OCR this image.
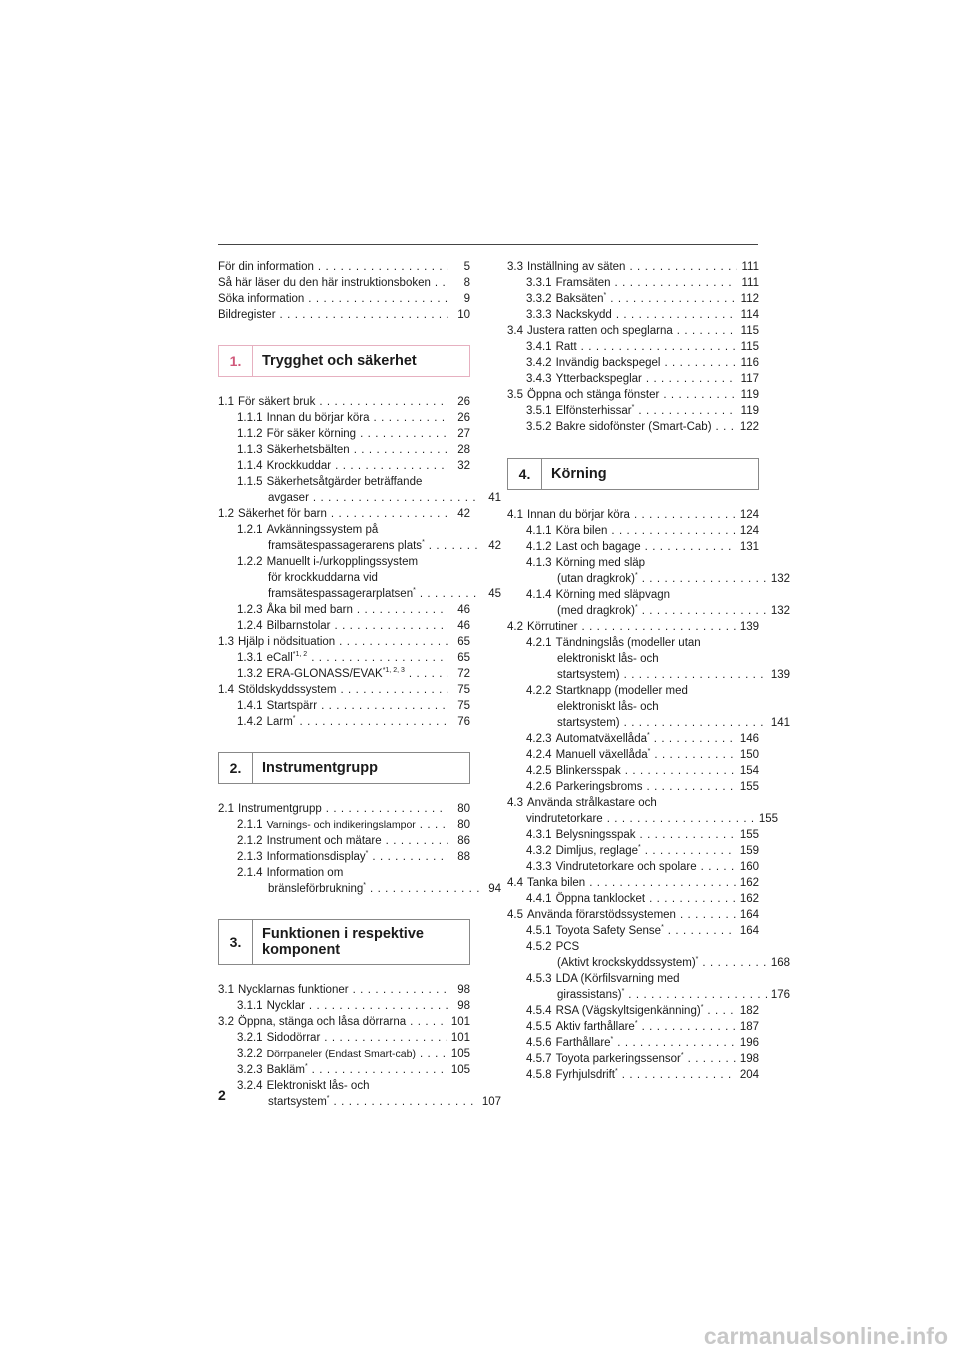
För din information . . .	5
Så här läser du den här instruktionsboken . . .	8
Söka information . . .	9
Bildregister . . .	10
1.	Trygghet och säkerhet
1.1 För säkert bruk . . .	26
1.1.1 Innan du börjar köra . . .	26
1.1.2 För säker körning . . .	27
1.1.3 Säkerhetsbälten . . .	28
1.1.4 Krockkuddar . . .	32
1.1.5 Säkerhetsåtgärder beträffande
avgaser . . .	41
1.2 Säkerhet för barn . . .	42
1.2.1 Avkänningssystem på
framsätespassagerarens plats* . . .	42
1.2.2 Manuellt i-/urkopplingssystem
för krockkuddarna vid
framsätespassagerarplatsen* . . .	45
1.2.3 Åka bil med barn . . .	46
1.2.4 Bilbarnstolar . . .	46
1.3 Hjälp i nödsituation . . .	65
1.3.1 eCall$^{*1, 2}$ . . .	65
1.3.2 ERA-GLONASS/EVAK$^{*1, 2, 3}$ . . .	72
1.4 Stöldskyddssystem . . .	75
1.4.1 Startspärr . . .	75
1.4.2 Larm* . . .	76
2.	Instrumentgrupp
2.1 Instrumentgrupp . . .	80
2.1.1 Varnings- och indikeringslampor . . .	80
2.1.2 Instrument och mätare . . .	86
2.1.3 Informationsdisplay* . . .	88
2.1.4 Information om
bränsleförbrukning* . . .	94
3.	Funktionen i respektive
komponent
3.1 Nycklarnas funktioner . . .	98
3.1.1 Nycklar . . .	98
3.2 Öppna, stänga och låsa dörrarna . . .	101
3.2.1 Sidodörrar . . .	101
3.2.2 Dörrpaneler (Endast Smart-cab) . . .	105
3.2.3 Bakläm* . . .	105
3.2.4 Elektroniskt lås- och
startsystem* . . .	107
3.3 Inställning av säten . . .	111
3.3.1 Framsäten . . .	111
3.3.2 Baksäten* . . .	112
3.3.3 Nackskydd . . .	114
3.4 Justera ratten och speglarna . . .	115
3.4.1 Ratt . . .	115
3.4.2 Invändig backspegel . . .	116
3.4.3 Ytterbackspeglar . . .	117
3.5 Öppna och stänga fönster . . .	119
3.5.1 Elfönsterhissar* . . .	119
3.5.2 Bakre sidofönster (Smart-Cab) . . . 122
4.	Körning
4.1 Innan du börjar köra . . .	124
4.1.1 Köra bilen . . .	124
4.1.2 Last och bagage . . .	131
4.1.3 Körning med släp
(utan dragkrok)* . . .	132
4.1.4 Körning med släpvagn
(med dragkrok)* . . .	132
4.2 Körrutiner . . .	139
4.2.1 Tändningslås (modeller utan
elektroniskt lås- och
startsystem) . . .	139
4.2.2 Startknapp (modeller med
elektroniskt lås- och
startsystem) . . .	141
4.2.3 Automatväxellåda* . . .	146
4.2.4 Manuell växellåda* . . .	150
4.2.5 Blinkersspak . . .	154
4.2.6 Parkeringsbroms . . .	155
4.3 Använda strålkastare och
vindrutetorkare . . .	155
4.3.1 Belysningsspak . . .	155
4.3.2 Dimljus, reglage* . . .	159
4.3.3 Vindrutetorkare och spolare . . .	160
4.4 Tanka bilen . . .	162
4.4.1 Öppna tanklocket . . .	162
4.5 Använda förarstödssystemen . . .	164
4.5.1 Toyota Safety Sense* . . .	164
4.5.2 PCS
(Aktivt krockskyddssystem)* . . .	168
4.5.3 LDA (Körfilsvarning med
girassistans)* . . .	176
4.5.4 RSA (Vägskyltsigenkänning)* . . .	182
4.5.5 Aktiv farthållare* . . .	187
4.5.6 Farthållare* . . .	196
4.5.7 Toyota parkeringssensor* . . .	198
4.5.8 Fyrhjulsdrift* . . .	204
2
carmanualsonline.info
